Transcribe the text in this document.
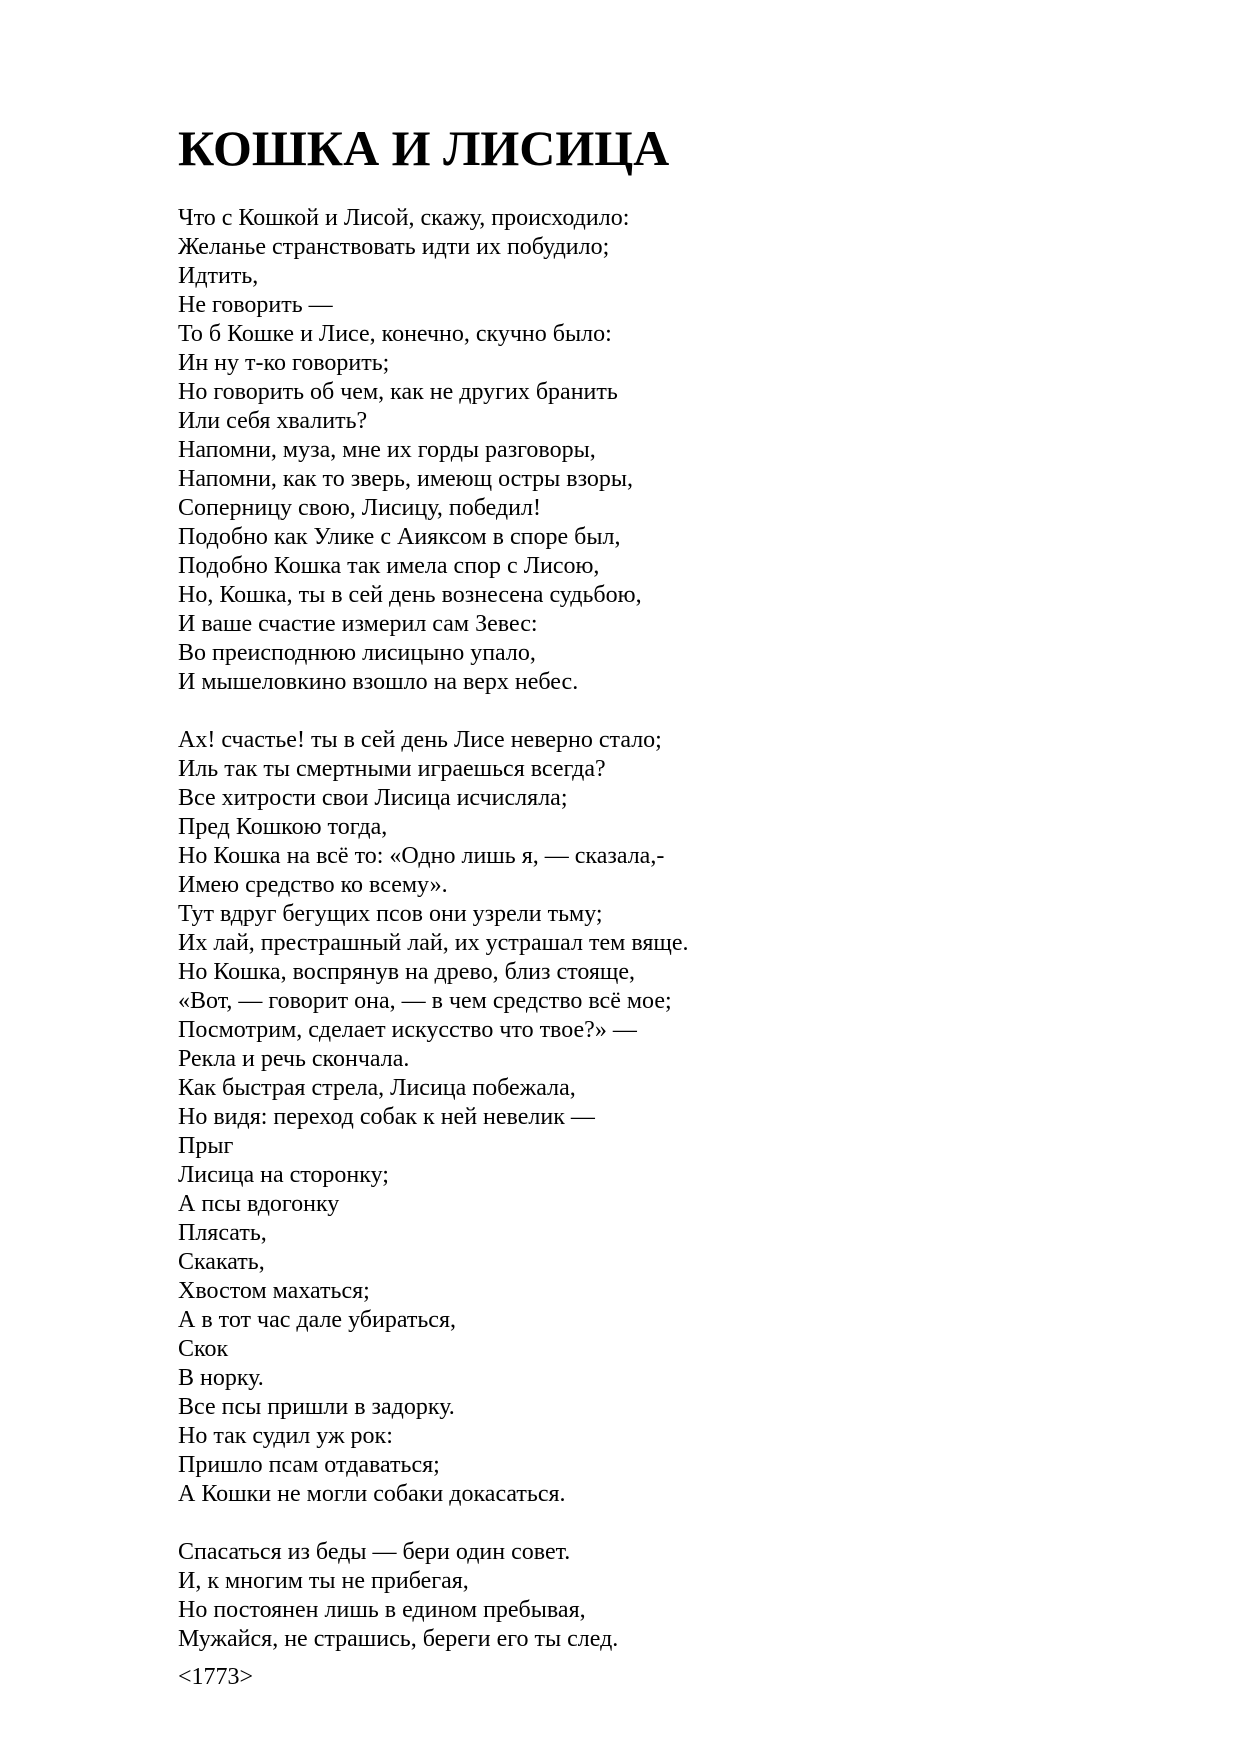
КОШКА И ЛИСИЦА
Что с Кошкой и Лисой, скажу, происходило:
Желанье странствовать идти их побудило;
Идтить,
Не говорить —
То б Кошке и Лисе, конечно, скучно было:
Ин ну т-ко говорить;
Но говорить об чем, как не других бранить
Или себя хвалить?
Напомни, муза, мне их горды разговоры,
Напомни, как то зверь, имеющ остры взоры,
Соперницу свою, Лисицу, победил!
Подобно как Улике с Аияксом в споре был,
Подобно Кошка так имела спор с Лисою,
Но, Кошка, ты в сей день вознесена судьбою,
И ваше счастие измерил сам Зевес:
Во преисподнюю лисицыно упало,
И мышеловкино взошло на верх небес.
Ах! счастье! ты в сей день Лисе неверно стало;
Иль так ты смертными играешься всегда?
Все хитрости свои Лисица исчисляла;
Пред Кошкою тогда,
Но Кошка на всё то: «Одно лишь я, — сказала,-
Имею средство ко всему».
Тут вдруг бегущих псов они узрели тьму;
Их лай, престрашный лай, их устрашал тем вяще.
Но Кошка, воспрянув на древо, близ стояще,
«Вот, — говорит она, — в чем средство всё мое;
Посмотрим, сделает искусство что твое?» —
Рекла и речь скончала.
Как быстрая стрела, Лисица побежала,
Но видя: переход собак к ней невелик —
Прыг
Лисица на сторонку;
А псы вдогонку
Плясать,
Скакать,
Хвостом махаться;
А в тот час дале убираться,
Скок
В норку.
Все псы пришли в задорку.
Но так судил уж рок:
Пришло псам отдаваться;
А Кошки не могли собаки докасаться.
Спасаться из беды — бери один совет.
И, к многим ты не прибегая,
Но постоянен лишь в едином пребывая,
Мужайся, не страшись, береги его ты след.
<1773>
